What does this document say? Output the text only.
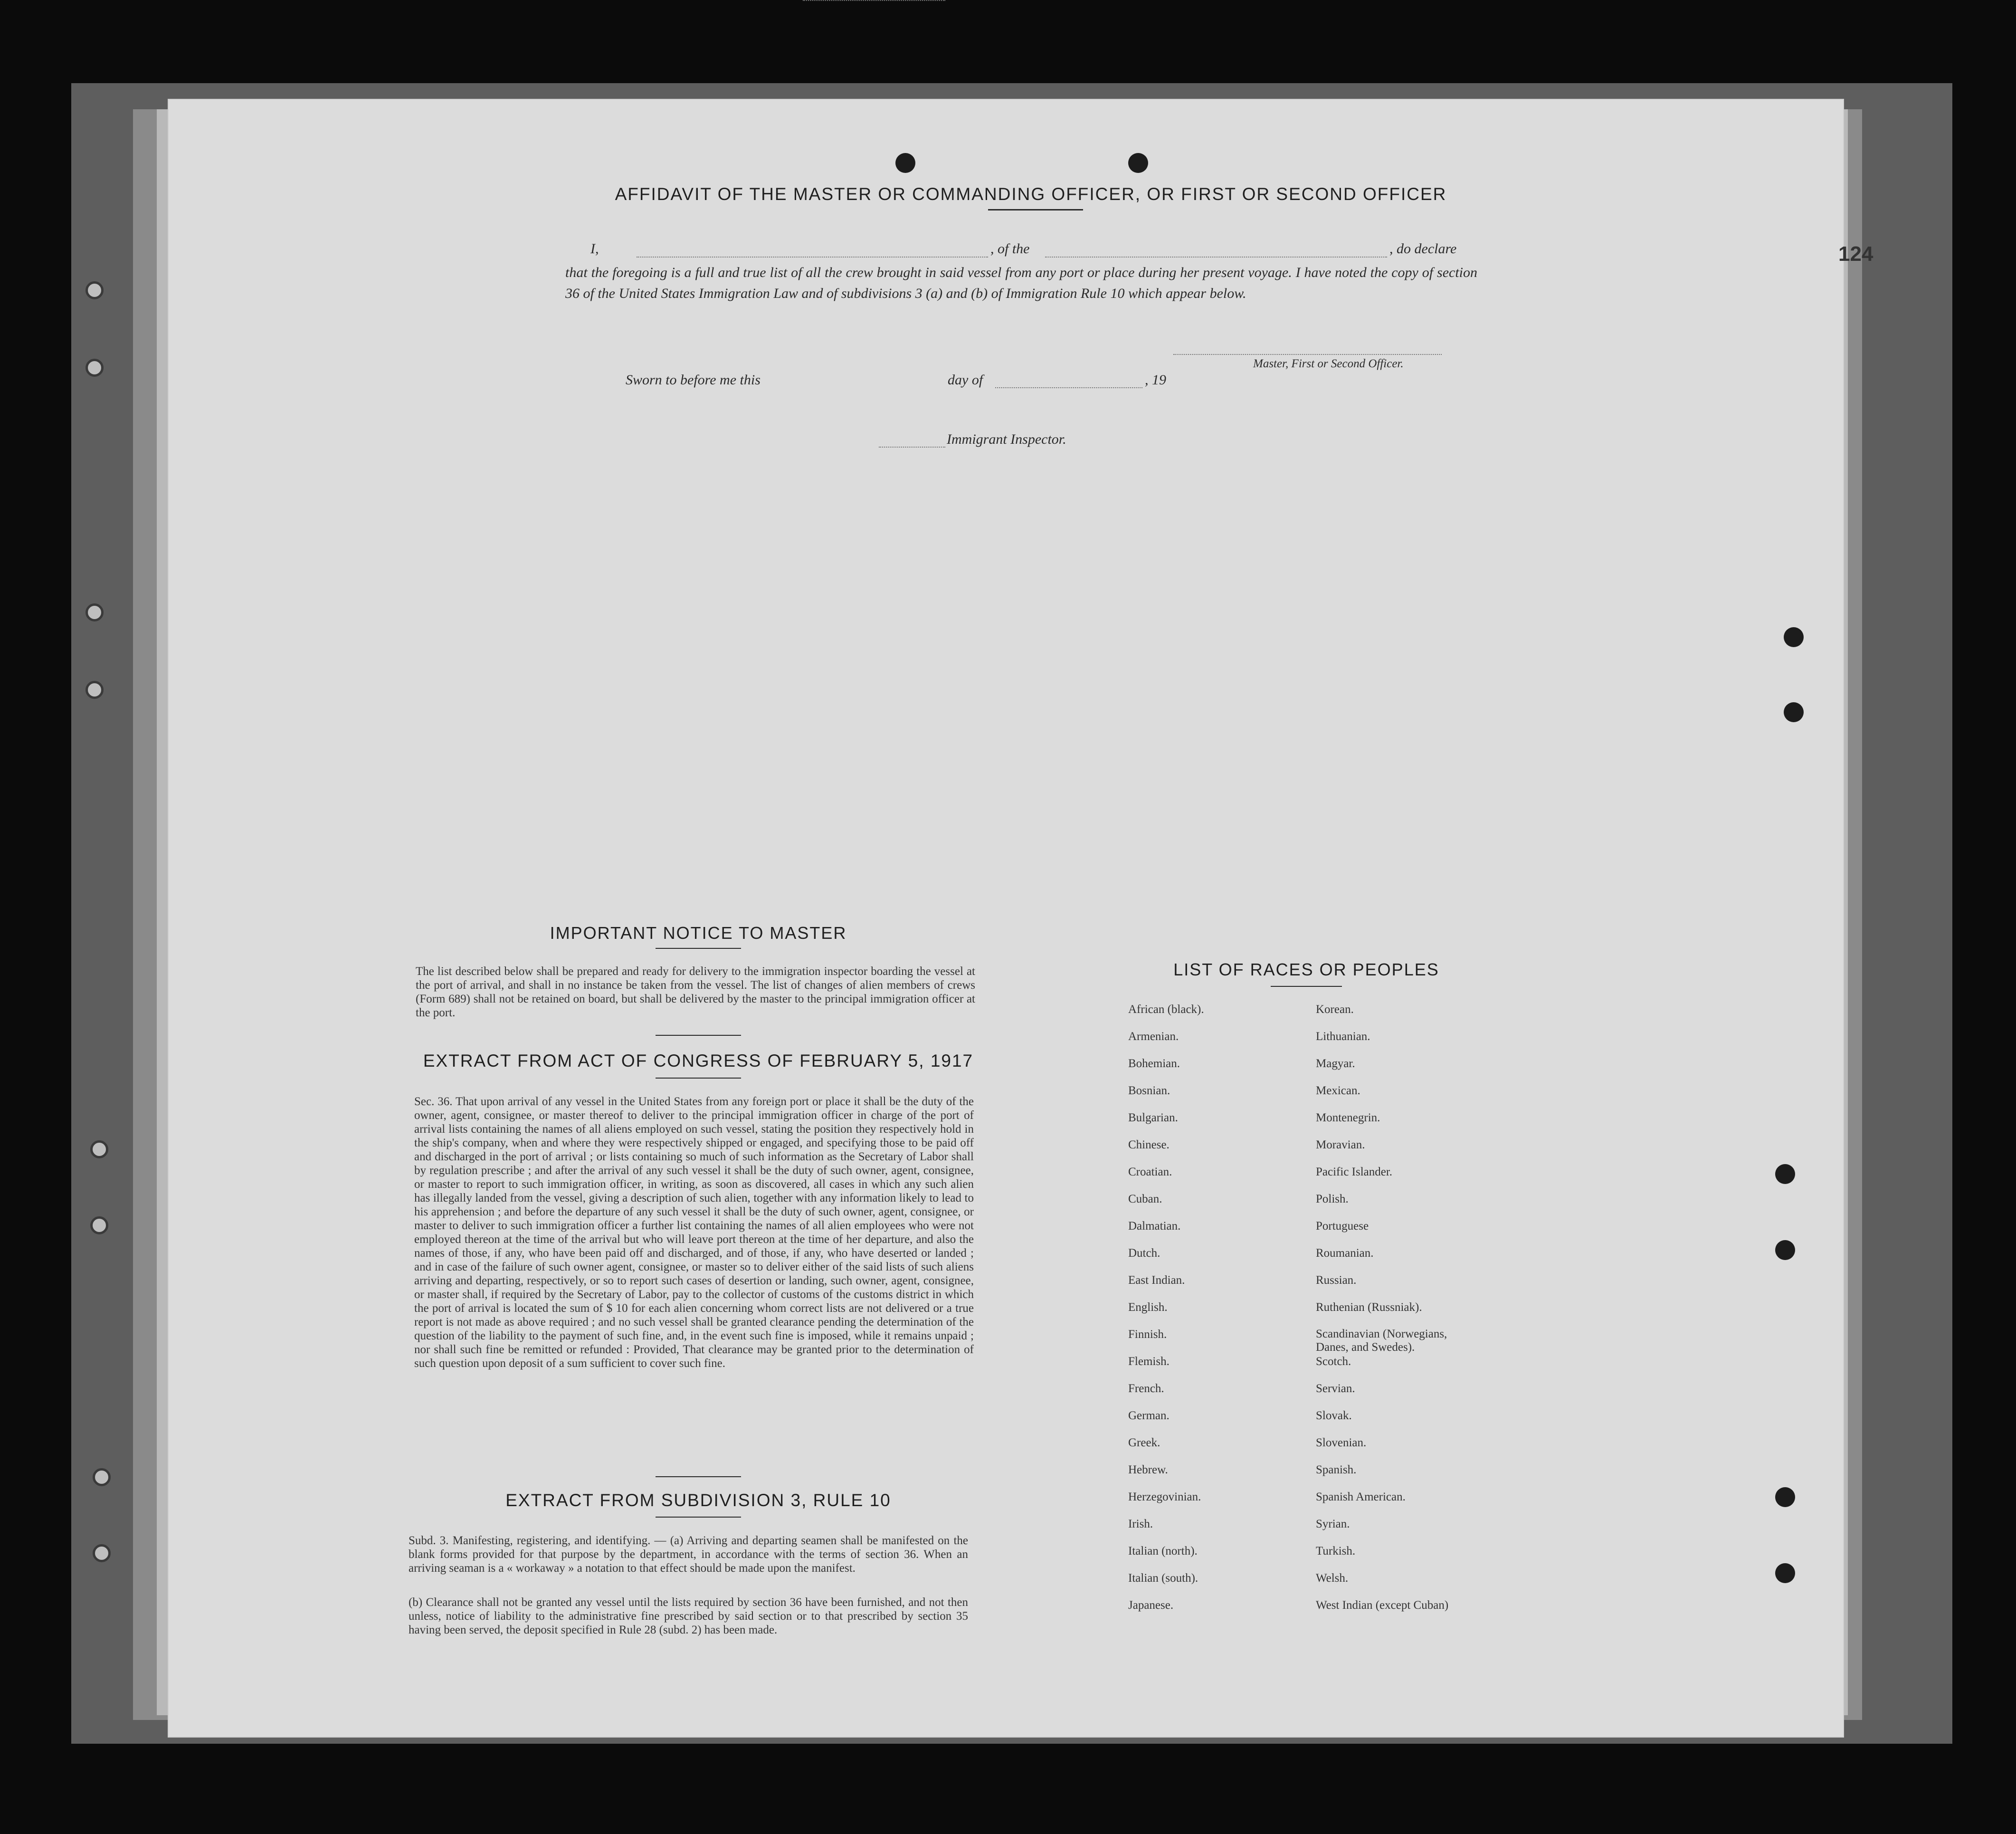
124
AFFIDAVIT OF THE MASTER OR COMMANDING OFFICER, OR FIRST OR SECOND OFFICER
I,	, of the	, do declare
that the foregoing is a full and true list of all the crew brought in said vessel from any port or place during her present voyage. I have noted the copy of section 36 of the United States Immigration Law and of subdivisions 3 (a) and (b) of Immigration Rule 10 which appear below.
Master, First or Second Officer.
Sworn to before me this	day of	, 19
Immigrant Inspector.
IMPORTANT NOTICE TO MASTER
The list described below shall be prepared and ready for delivery to the immigration inspector boarding the vessel at the port of arrival, and shall in no instance be taken from the vessel. The list of changes of alien members of crews (Form 689) shall not be retained on board, but shall be delivered by the master to the principal immigration officer at the port.
EXTRACT FROM ACT OF CONGRESS OF FEBRUARY 5, 1917
Sec. 36. That upon arrival of any vessel in the United States from any foreign port or place it shall be the duty of the owner, agent, consignee, or master thereof to deliver to the principal immigration officer in charge of the port of arrival lists containing the names of all aliens employed on such vessel, stating the position they respectively hold in the ship's company, when and where they were respectively shipped or engaged, and specifying those to be paid off and discharged in the port of arrival ; or lists containing so much of such information as the Secretary of Labor shall by regulation prescribe ; and after the arrival of any such vessel it shall be the duty of such owner, agent, consignee, or master to report to such immigration officer, in writing, as soon as discovered, all cases in which any such alien has illegally landed from the vessel, giving a description of such alien, together with any information likely to lead to his apprehension ; and before the departure of any such vessel it shall be the duty of such owner, agent, consignee, or master to deliver to such immigration officer a further list containing the names of all alien employees who were not employed thereon at the time of the arrival but who will leave port thereon at the time of her departure, and also the names of those, if any, who have been paid off and discharged, and of those, if any, who have deserted or landed ; and in case of the failure of such owner agent, consignee, or master so to deliver either of the said lists of such aliens arriving and departing, respectively, or so to report such cases of desertion or landing, such owner, agent, consignee, or master shall, if required by the Secretary of Labor, pay to the collector of customs of the customs district in which the port of arrival is located the sum of $ 10 for each alien concerning whom correct lists are not delivered or a true report is not made as above required ; and no such vessel shall be granted clearance pending the determination of the question of the liability to the payment of such fine, and, in the event such fine is imposed, while it remains unpaid ; nor shall such fine be remitted or refunded : Provided, That clearance may be granted prior to the determination of such question upon deposit of a sum sufficient to cover such fine.
EXTRACT FROM SUBDIVISION 3, RULE 10
Subd. 3. Manifesting, registering, and identifying. — (a) Arriving and departing seamen shall be manifested on the blank forms provided for that purpose by the department, in accordance with the terms of section 36. When an arriving seaman is a « workaway » a notation to that effect should be made upon the manifest.
(b) Clearance shall not be granted any vessel until the lists required by section 36 have been furnished, and not then unless, notice of liability to the administrative fine prescribed by said section or to that prescribed by section 35 having been served, the deposit specified in Rule 28 (subd. 2) has been made.
LIST OF RACES OR PEOPLES
African (black).
Armenian.
Bohemian.
Bosnian.
Bulgarian.
Chinese.
Croatian.
Cuban.
Dalmatian.
Dutch.
East Indian.
English.
Finnish.
Flemish.
French.
German.
Greek.
Hebrew.
Herzegovinian.
Irish.
Italian (north).
Italian (south).
Japanese.
Korean.
Lithuanian.
Magyar.
Mexican.
Montenegrin.
Moravian.
Pacific Islander.
Polish.
Portuguese
Roumanian.
Russian.
Ruthenian (Russniak).
Scandinavian (Norwegians, Danes, and Swedes).
Scotch.
Servian.
Slovak.
Slovenian.
Spanish.
Spanish American.
Syrian.
Turkish.
Welsh.
West Indian (except Cuban)
